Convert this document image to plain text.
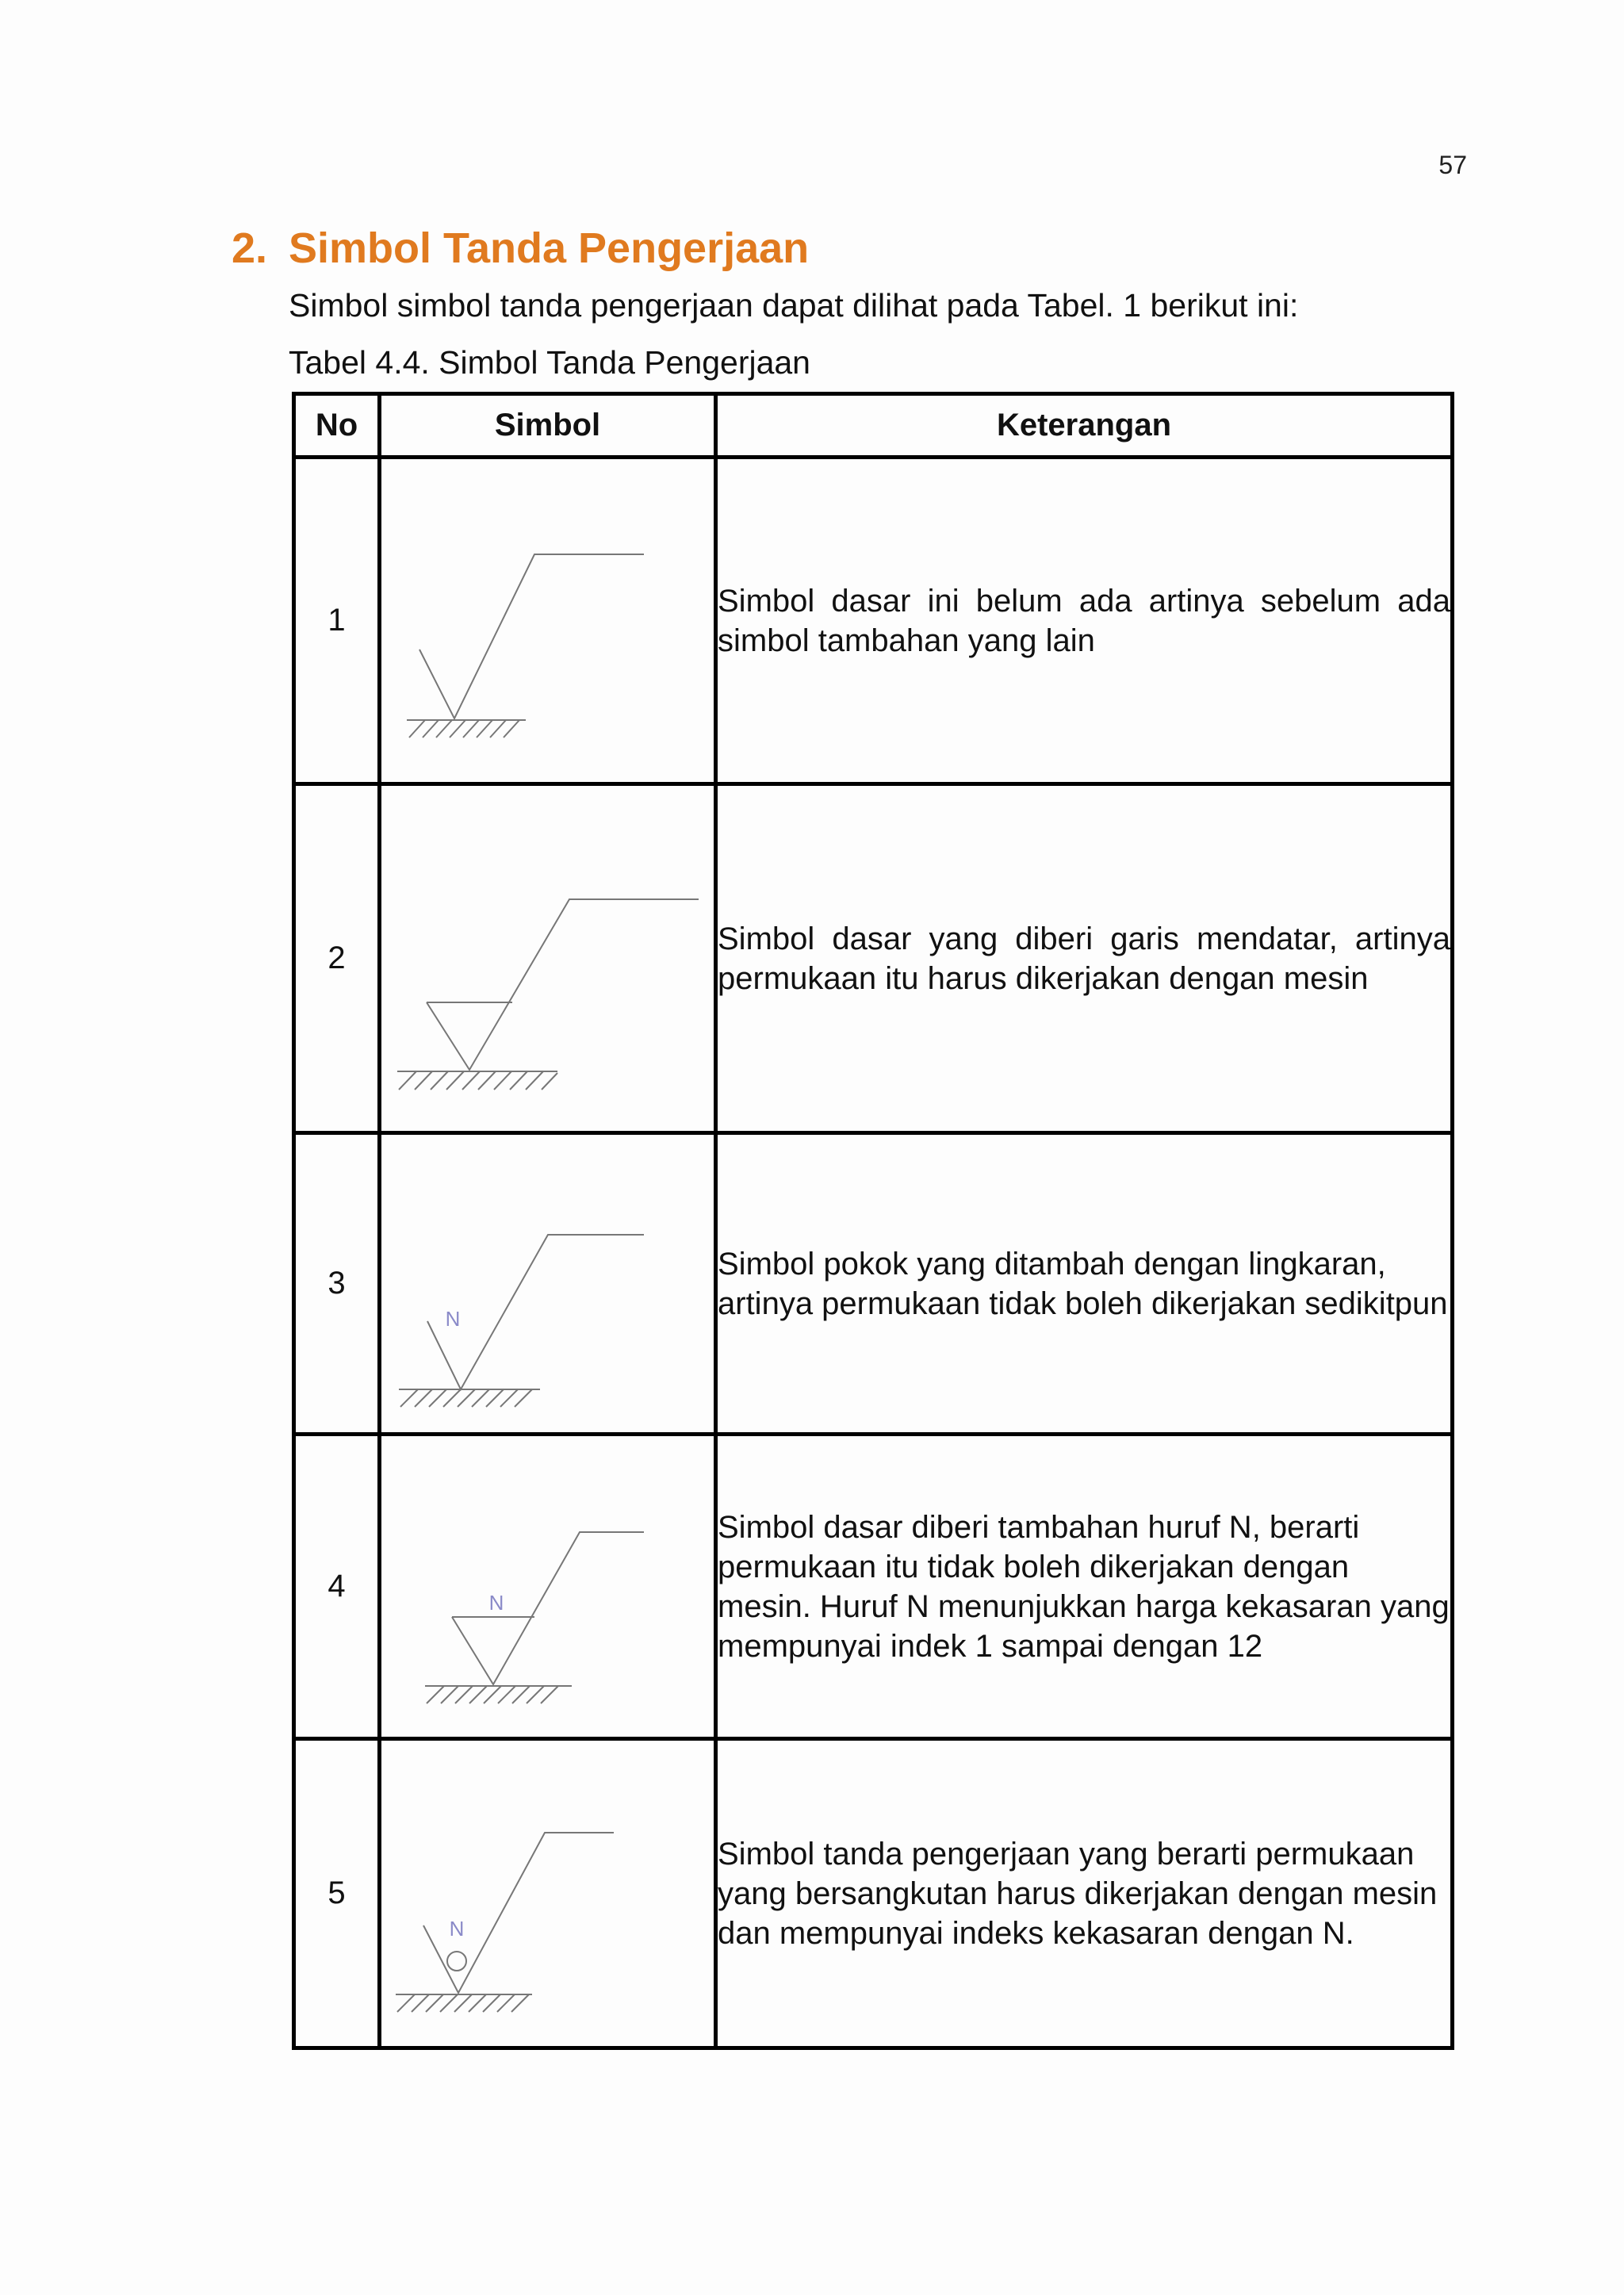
57
2. Simbol Tanda Pengerjaan

Simbol simbol tanda pengerjaan dapat dilihat pada Tabel. 1 berikut ini:

Tabel 4.4. Simbol Tanda Pengerjaan

No	Simbol	Keterangan
1		Simbol dasar ini belum ada artinya sebelum ada simbol tambahan yang lain
2		Simbol dasar yang diberi garis mendatar, artinya permukaan itu harus dikerjakan dengan mesin
3	N	Simbol pokok yang ditambah dengan lingkaran, artinya permukaan tidak boleh dikerjakan sedikitpun
4	N	Simbol dasar diberi tambahan huruf N, berarti permukaan itu tidak boleh dikerjakan dengan mesin. Huruf N menunjukkan harga kekasaran yang mempunyai indek 1 sampai dengan 12
5	N	Simbol tanda pengerjaan yang berarti permukaan yang bersangkutan harus dikerjakan dengan mesin dan mempunyai indeks kekasaran dengan N.
